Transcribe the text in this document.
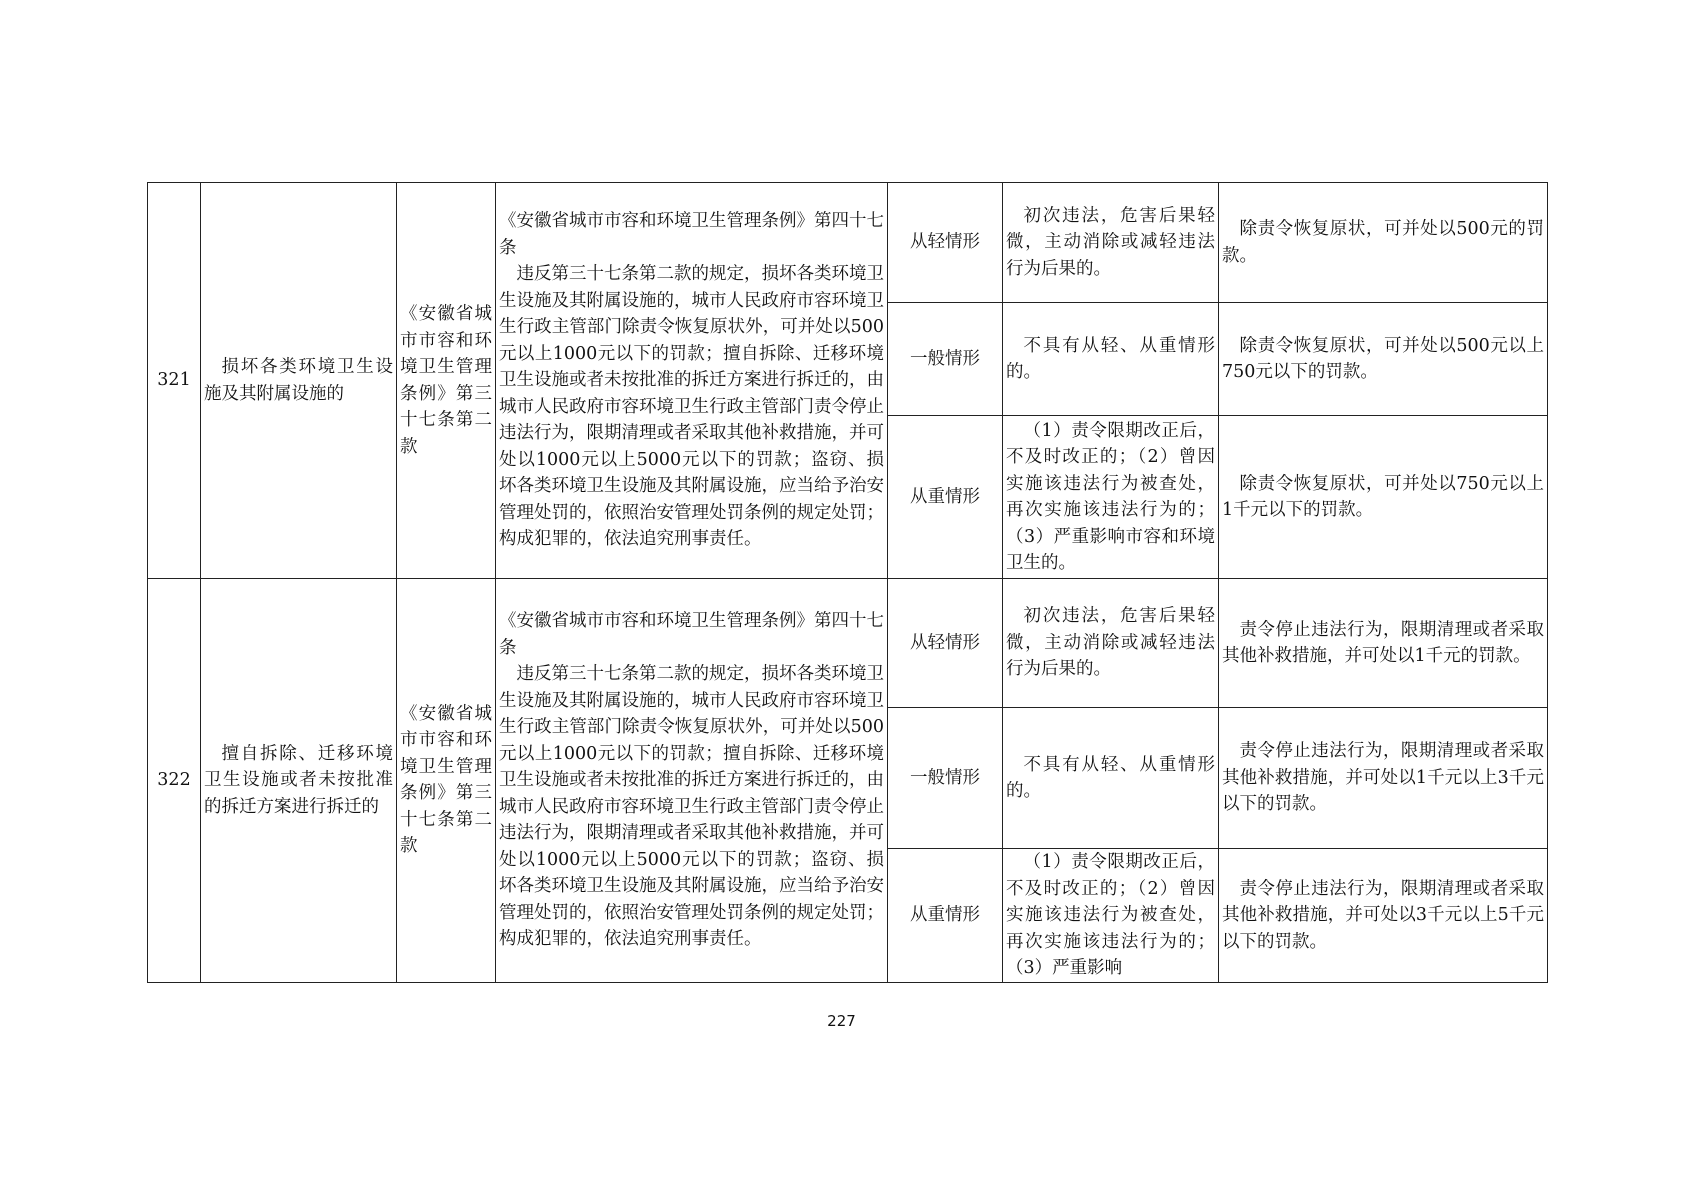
321	损坏各类环境卫生设施及其附属设施的	《安徽省城市市容和环境卫生管理条例》第三十七条第二款	《安徽省城市市容和环境卫生管理条例》第四十七条
违反第三十七条第二款的规定，损坏各类环境卫生设施及其附属设施的，城市人民政府市容环境卫生行政主管部门除责令恢复原状外，可并处以500元以上1000元以下的罚款；擅自拆除、迁移环境卫生设施或者未按批准的拆迁方案进行拆迁的，由城市人民政府市容环境卫生行政主管部门责令停止违法行为，限期清理或者采取其他补救措施，并可处以1000元以上5000元以下的罚款；盗窃、损坏各类环境卫生设施及其附属设施，应当给予治安管理处罚的，依照治安管理处罚条例的规定处罚；构成犯罪的，依法追究刑事责任。	从轻情形	初次违法，危害后果轻微，主动消除或减轻违法行为后果的。	除责令恢复原状，可并处以500元的罚款。

				一般情形	不具有从轻、从重情形的。	除责令恢复原状，可并处以500元以上750元以下的罚款。

				从重情形	（1）责令限期改正后，不及时改正的；（2）曾因实施该违法行为被查处，再次实施该违法行为的；（3）严重影响市容和环境卫生的。	除责令恢复原状，可并处以750元以上1千元以下的罚款。

322	擅自拆除、迁移环境卫生设施或者未按批准的拆迁方案进行拆迁的	《安徽省城市市容和环境卫生管理条例》第三十七条第二款	《安徽省城市市容和环境卫生管理条例》第四十七条
违反第三十七条第二款的规定，损坏各类环境卫生设施及其附属设施的，城市人民政府市容环境卫生行政主管部门除责令恢复原状外，可并处以500元以上1000元以下的罚款；擅自拆除、迁移环境卫生设施或者未按批准的拆迁方案进行拆迁的，由城市人民政府市容环境卫生行政主管部门责令停止违法行为，限期清理或者采取其他补救措施，并可处以1000元以上5000元以下的罚款；盗窃、损坏各类环境卫生设施及其附属设施，应当给予治安管理处罚的，依照治安管理处罚条例的规定处罚；构成犯罪的，依法追究刑事责任。	从轻情形	初次违法，危害后果轻微，主动消除或减轻违法行为后果的。	责令停止违法行为，限期清理或者采取其他补救措施，并可处以1千元的罚款。

				一般情形	不具有从轻、从重情形的。	责令停止违法行为，限期清理或者采取其他补救措施，并可处以1千元以上3千元以下的罚款。

				从重情形	（1）责令限期改正后，不及时改正的；（2）曾因实施该违法行为被查处，再次实施该违法行为的；（3）严重影响	责令停止违法行为，限期清理或者采取其他补救措施，并可处以3千元以上5千元以下的罚款。
227
